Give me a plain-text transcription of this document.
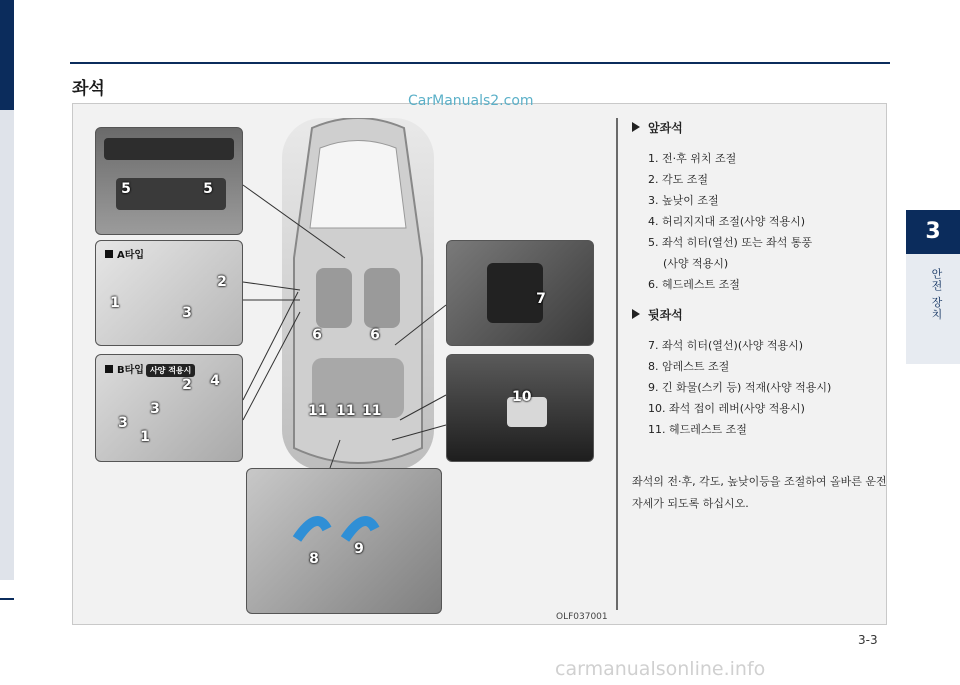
좌석
CarManuals2.com
A타입
B타입 사양 적용시
5	5
2
1
3
2 4
3
3
1
6	6
11 11 11
7
10
8
9
OLF037001
앞좌석
1. 전·후 위치 조절
2. 각도 조절
3. 높낮이 조절
4. 허리지지대 조절(사양 적용시)
5. 좌석 히터(열선) 또는 좌석 통풍
(사양 적용시)
6. 헤드레스트 조절
뒷좌석
7. 좌석 히터(열선)(사양 적용시)
8. 암레스트 조절
9. 긴 화물(스키 등) 적재(사양 적용시)
10. 좌석 접이 레버(사양 적용시)
11. 헤드레스트 조절
좌석의 전·후, 각도, 높낮이등을 조절하여 올바른 운전 자세가 되도록 하십시오.
3
안전 장치
3-3
carmanualsonline.info
